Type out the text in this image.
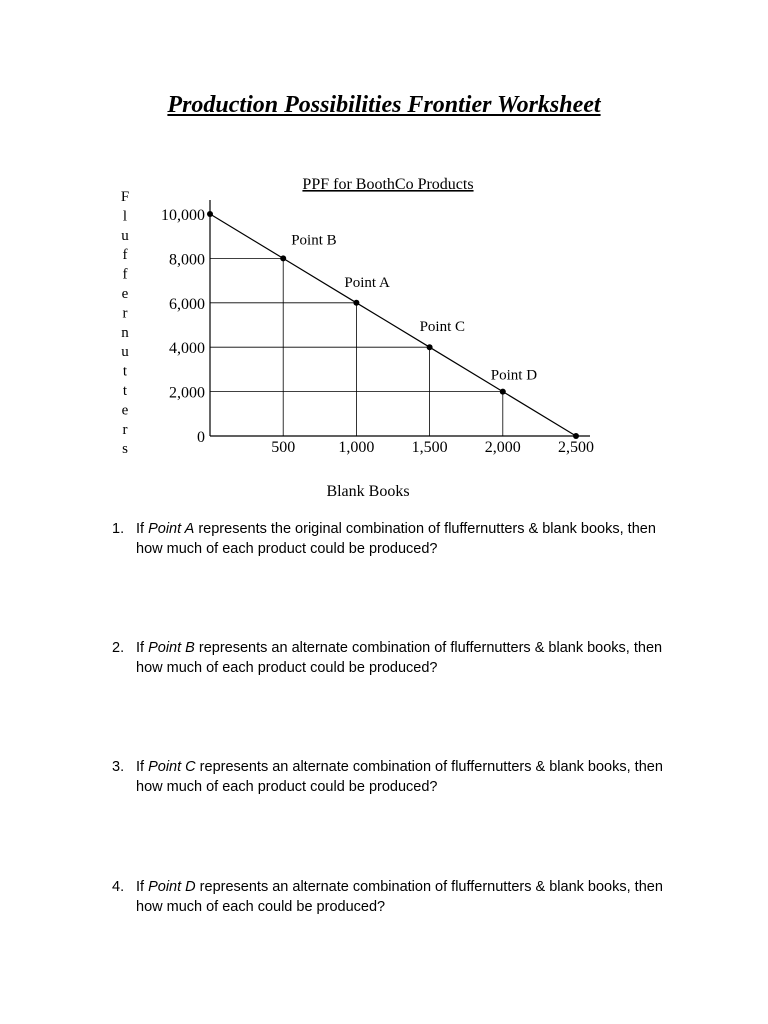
Production Possibilities Frontier Worksheet
PPF for BoothCo Products
F l u f f e r n u t t e r s
0
2,000
4,000
6,000
8,000
10,000
500	1,000 1,500 2,000 2,500
Point B
Point A
Point C
Point D
Blank Books
1. If Point A represents the original combination of fluffernutters & blank books, then how much of each product could be produced?
2. If Point B represents an alternate combination of fluffernutters & blank books, then how much of each product could be produced?
3. If Point C represents an alternate combination of fluffernutters & blank books, then how much of each product could be produced?
4. If Point D represents an alternate combination of fluffernutters & blank books, then how much of each could be produced?
